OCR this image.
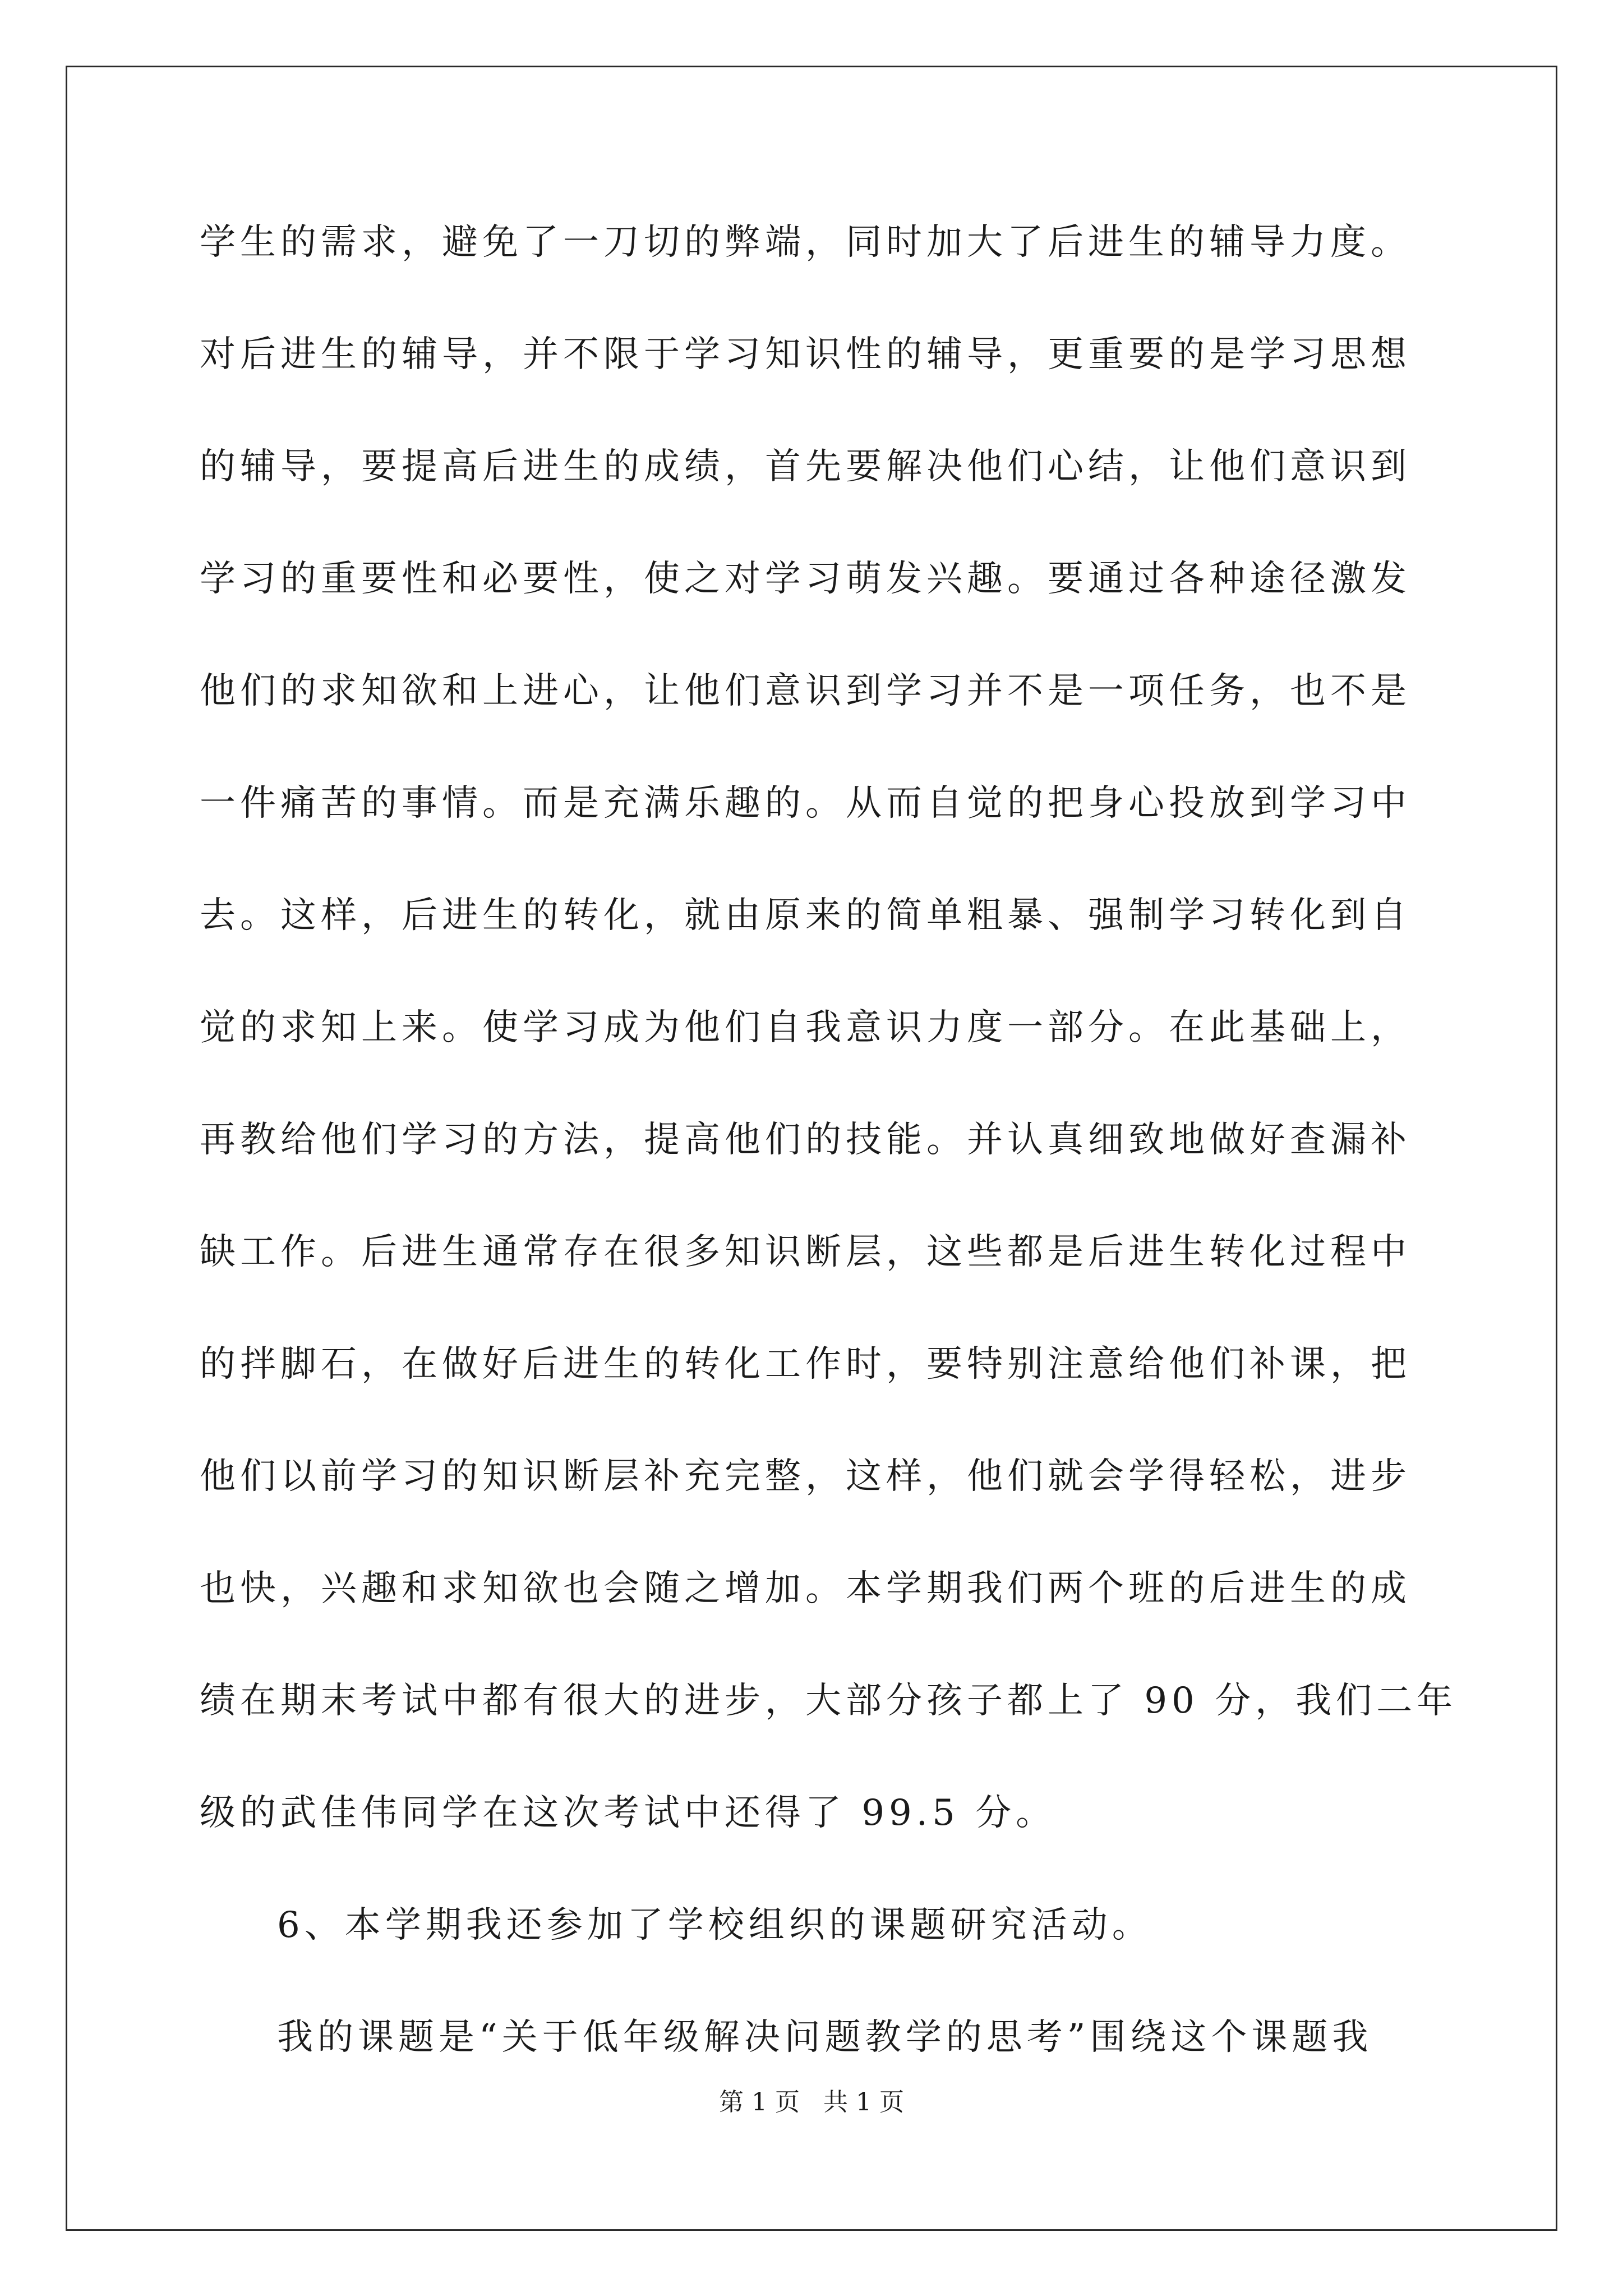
学生的需求，避免了一刀切的弊端，同时加大了后进生的辅导力度。
对后进生的辅导，并不限于学习知识性的辅导，更重要的是学习思想
的辅导，要提高后进生的成绩，首先要解决他们心结，让他们意识到
学习的重要性和必要性，使之对学习萌发兴趣。要通过各种途径激发
他们的求知欲和上进心，让他们意识到学习并不是一项任务，也不是
一件痛苦的事情。而是充满乐趣的。从而自觉的把身心投放到学习中
去。这样，后进生的转化，就由原来的简单粗暴、强制学习转化到自
觉的求知上来。使学习成为他们自我意识力度一部分。在此基础上，
再教给他们学习的方法，提高他们的技能。并认真细致地做好查漏补
缺工作。后进生通常存在很多知识断层，这些都是后进生转化过程中
的拌脚石，在做好后进生的转化工作时，要特别注意给他们补课，把
他们以前学习的知识断层补充完整，这样，他们就会学得轻松，进步
也快，兴趣和求知欲也会随之增加。本学期我们两个班的后进生的成
绩在期末考试中都有很大的进步，大部分孩子都上了 90 分，我们二年
级的武佳伟同学在这次考试中还得了 99.5 分。
6、本学期我还参加了学校组织的课题研究活动。
我的课题是“关于低年级解决问题教学的思考”围绕这个课题我
第 1 页 共 1 页
